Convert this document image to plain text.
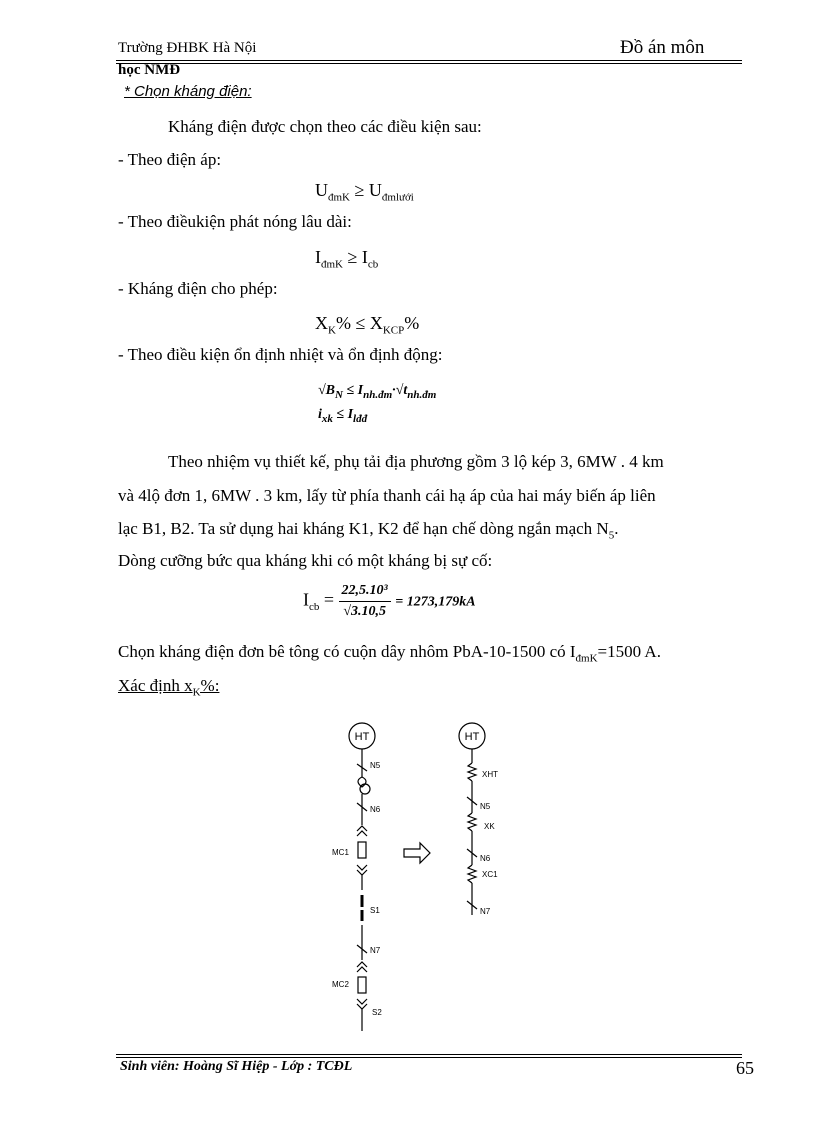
Trường ĐHBK Hà Nội	Đồ án môn
học NMĐ
* Chọn kháng điện:
Kháng điện được chọn theo các điều kiện sau:
- Theo điện áp:
$U_{đmK} \ge U_{đmlưới}$
- Theo điềukiện phát nóng lâu dài:
$I_{đmK} \ge I_{cb}$
- Kháng điện cho phép:
$X_K\% \le X_{KCP}\%$
- Theo điều kiện ổn định nhiệt và ổn định động:
$√B_N \le I_{nh.đm}\cdot√t_{nh.đm}$
$i_{xk} \le I_{lđđ}$
Theo nhiệm vụ thiết kế, phụ tải địa phương gồm 3 lộ kép 3, 6MW . 4 km
và 4lộ đơn 1, 6MW . 3 km, lấy từ phía thanh cái hạ áp của hai máy biến áp liên
lạc B1, B2. Ta sử dụng hai kháng K1, K2 để hạn chế dòng ngắn mạch $N_5$.
Dòng cưỡng bức qua kháng khi có một kháng bị sự cố:
$I_{cb} = \frac{\text{22,5.10³}}{√3.10,5} = 1273,179kA$
Chọn kháng điện đơn bê tông có cuộn dây nhôm PbA-10-1500 có $I_{đmK}=1500$ A.
Xác định $x_K\%$:
HT
N5
N6
MC1
S1
N7
MC2
S2
HT
XHT
N5
XK
N6
XC1
N7
Sinh viên: Hoàng Sĩ Hiệp - Lớp : TCĐL	65
